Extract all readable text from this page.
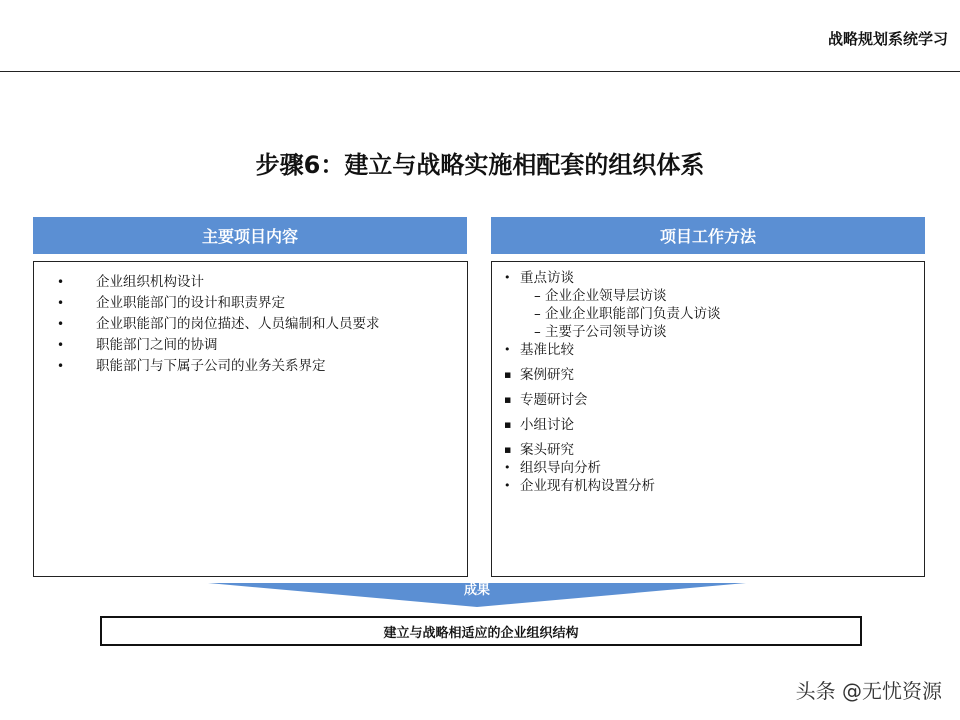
战略规划系统学习
步骤6：建立与战略实施相配套的组织体系
主要项目内容	项目工作方法
• 企业组织机构设计
• 企业职能部门的设计和职责界定
• 企业职能部门的岗位描述、人员编制和人员要求
• 职能部门之间的协调
• 职能部门与下属子公司的业务关系界定
• 重点访谈
– 企业企业领导层访谈
– 企业企业职能部门负责人访谈
– 主要子公司领导访谈
• 基准比较
▪ 案例研究
▪ 专题研讨会
▪ 小组讨论
▪ 案头研究
• 组织导向分析
• 企业现有机构设置分析
成果
建立与战略相适应的企业组织结构
头条 @无忧资源
